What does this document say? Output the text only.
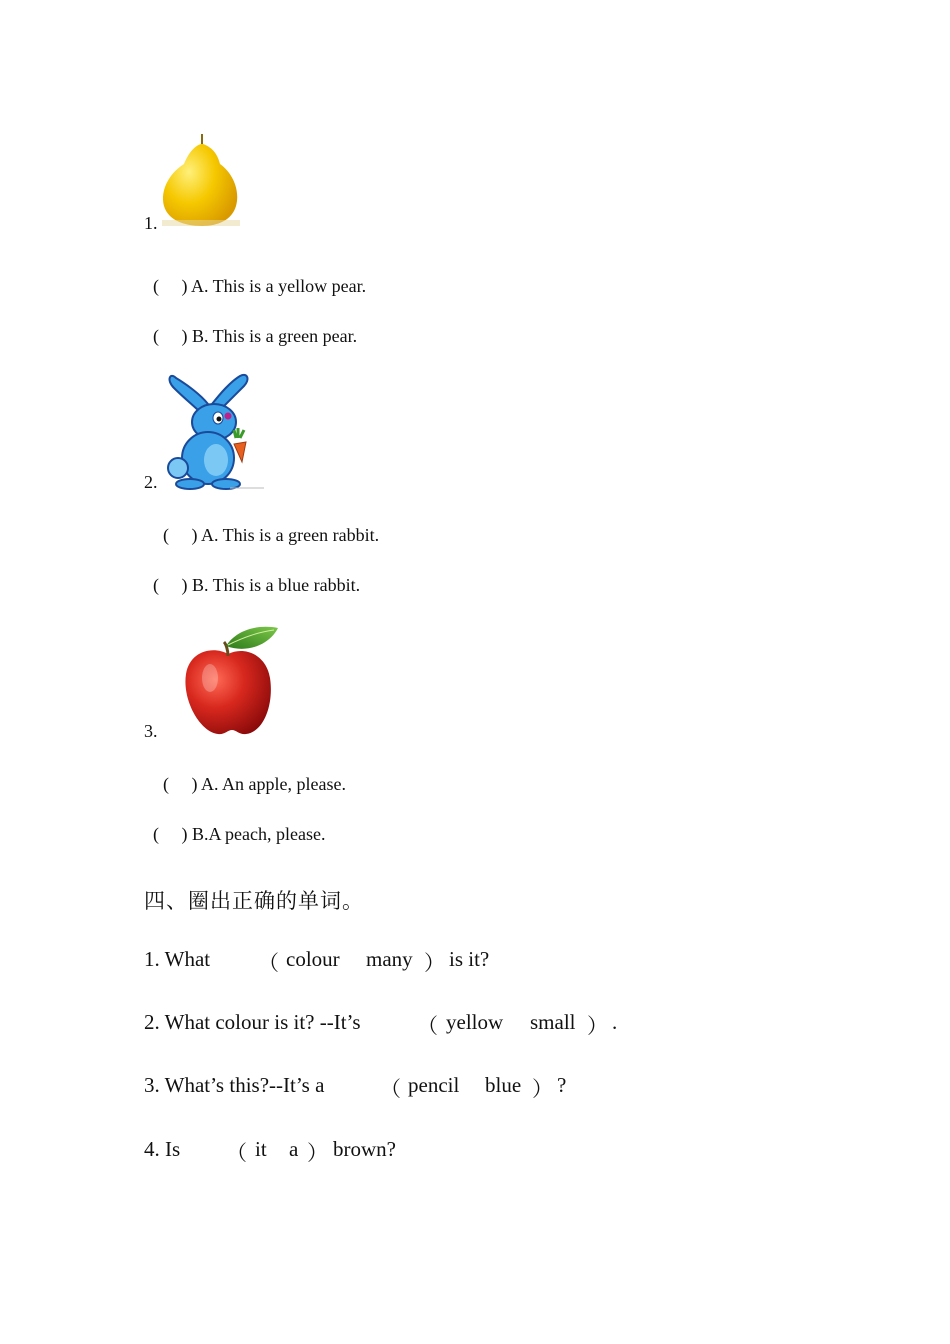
1.
(     ) A. This is a yellow pear.
(     ) B. This is a green pear.
2.
(     ) A. This is a green rabbit.
(     ) B. This is a blue rabbit.
3.
(     ) A. An apple, please.
(     ) B.A peach, please.
四、圈出正确的单词。
1. What （ colour many ） is it?
2. What colour is it? --It’s	（ yellow small ） .
3. What’s this?--It’s a	（ pencil blue ） ?
4. Is （ it a ） brown?
